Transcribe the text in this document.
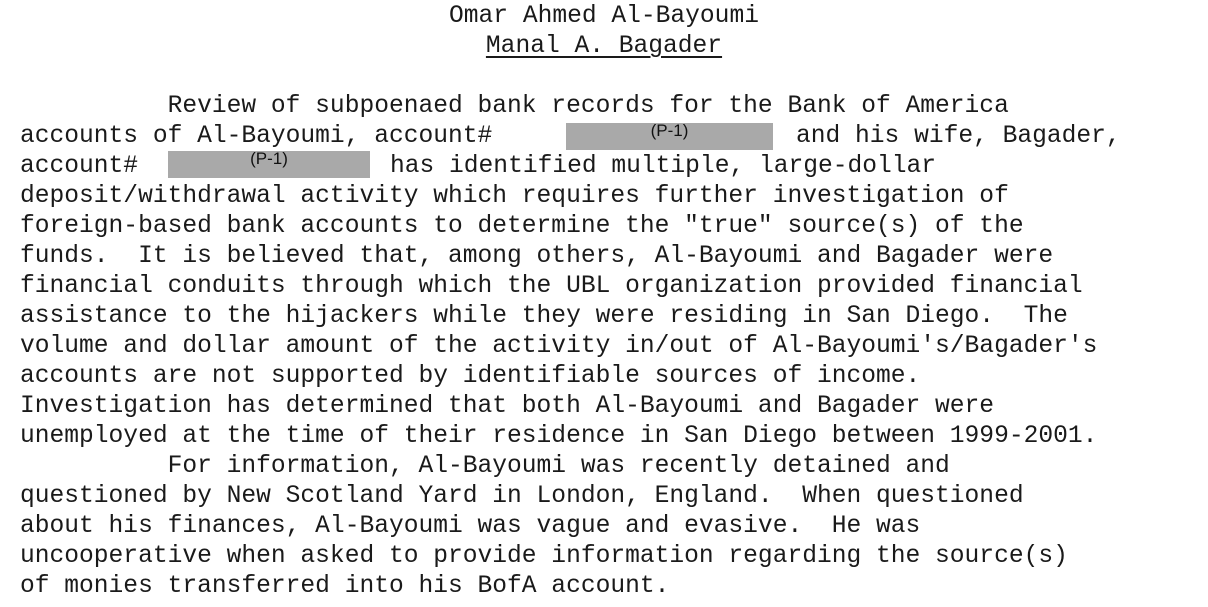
Omar Ahmed Al-Bayoumi
Manal A. Bagader
Review of subpoenaed bank records for the Bank of America
accounts of Al-Bayoumi, account#	(P-1)	and his wife, Bagader,
account#	(P-1)	has identified multiple, large-dollar
deposit/withdrawal activity which requires further investigation of
foreign-based bank accounts to determine the "true" source(s) of the
funds.  It is believed that, among others, Al-Bayoumi and Bagader were
financial conduits through which the UBL organization provided financial
assistance to the hijackers while they were residing in San Diego.  The
volume and dollar amount of the activity in/out of Al-Bayoumi's/Bagader's
accounts are not supported by identifiable sources of income.
Investigation has determined that both Al-Bayoumi and Bagader were
unemployed at the time of their residence in San Diego between 1999-2001.
For information, Al-Bayoumi was recently detained and
questioned by New Scotland Yard in London, England.  When questioned
about his finances, Al-Bayoumi was vague and evasive.  He was
uncooperative when asked to provide information regarding the source(s)
of monies transferred into his BofA account.
